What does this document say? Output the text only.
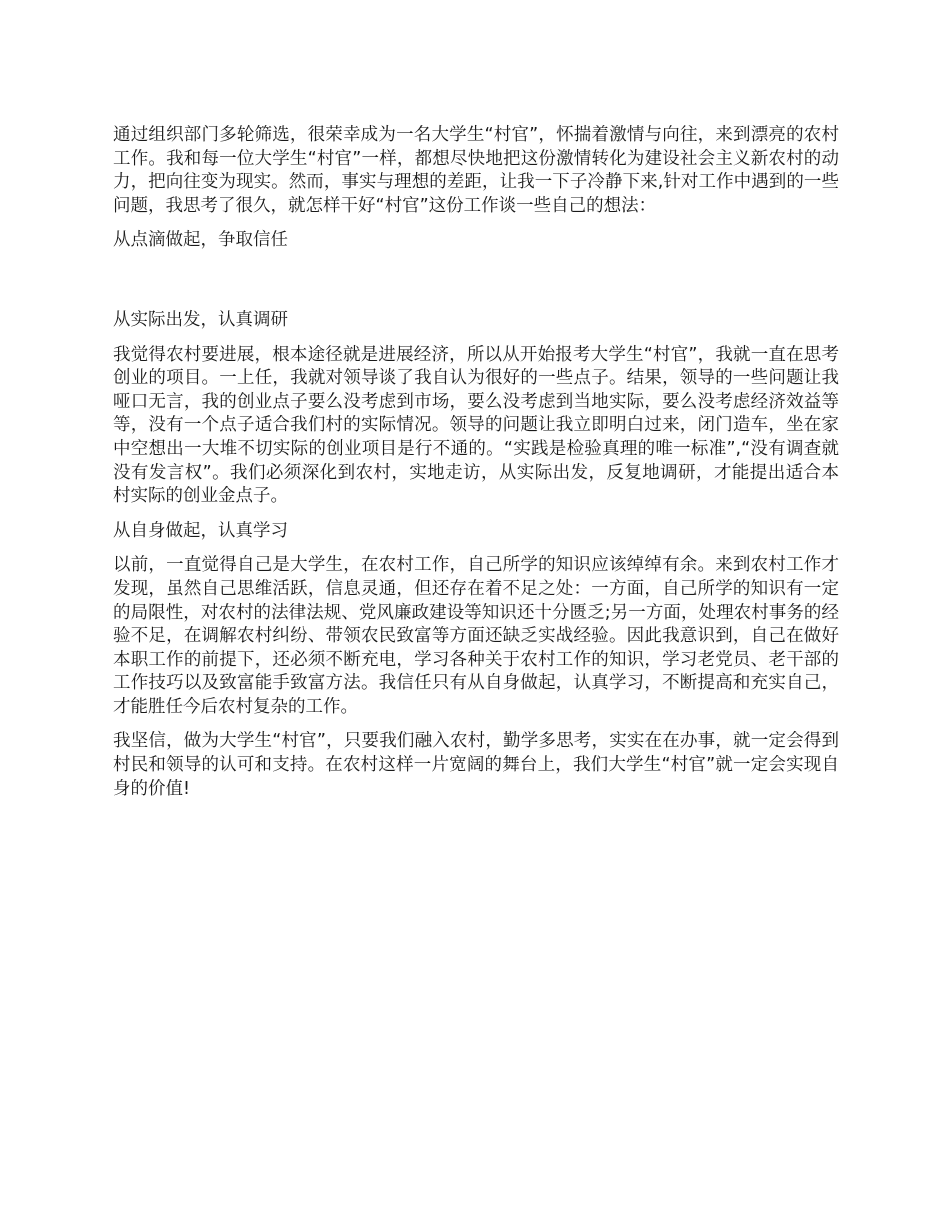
通过组织部门多轮筛选，很荣幸成为一名大学生“村官”，怀揣着激情与向往，来到漂亮的农村工作。我和每一位大学生“村官”一样，都想尽快地把这份激情转化为建设社会主义新农村的动力，把向往变为现实。然而，事实与理想的差距，让我一下子冷静下来,针对工作中遇到的一些问题，我思考了很久，就怎样干好“村官”这份工作谈一些自己的想法：

从点滴做起，争取信任

从实际出发，认真调研

我觉得农村要进展，根本途径就是进展经济，所以从开始报考大学生“村官”，我就一直在思考创业的项目。一上任，我就对领导谈了我自认为很好的一些点子。结果，领导的一些问题让我哑口无言，我的创业点子要么没考虑到市场，要么没考虑到当地实际，要么没考虑经济效益等等，没有一个点子适合我们村的实际情况。领导的问题让我立即明白过来，闭门造车，坐在家中空想出一大堆不切实际的创业项目是行不通的。“实践是检验真理的唯一标准”,“没有调查就没有发言权”。我们必须深化到农村，实地走访，从实际出发，反复地调研，才能提出适合本村实际的创业金点子。

从自身做起，认真学习

以前，一直觉得自己是大学生，在农村工作，自己所学的知识应该绰绰有余。来到农村工作才发现，虽然自己思维活跃，信息灵通，但还存在着不足之处：一方面，自己所学的知识有一定的局限性，对农村的法律法规、党风廉政建设等知识还十分匮乏;另一方面，处理农村事务的经验不足，在调解农村纠纷、带领农民致富等方面还缺乏实战经验。因此我意识到，自己在做好本职工作的前提下，还必须不断充电，学习各种关于农村工作的知识，学习老党员、老干部的工作技巧以及致富能手致富方法。我信任只有从自身做起，认真学习，不断提高和充实自己，才能胜任今后农村复杂的工作。

我坚信，做为大学生“村官”，只要我们融入农村，勤学多思考，实实在在办事，就一定会得到村民和领导的认可和支持。在农村这样一片宽阔的舞台上，我们大学生“村官”就一定会实现自身的价值!
